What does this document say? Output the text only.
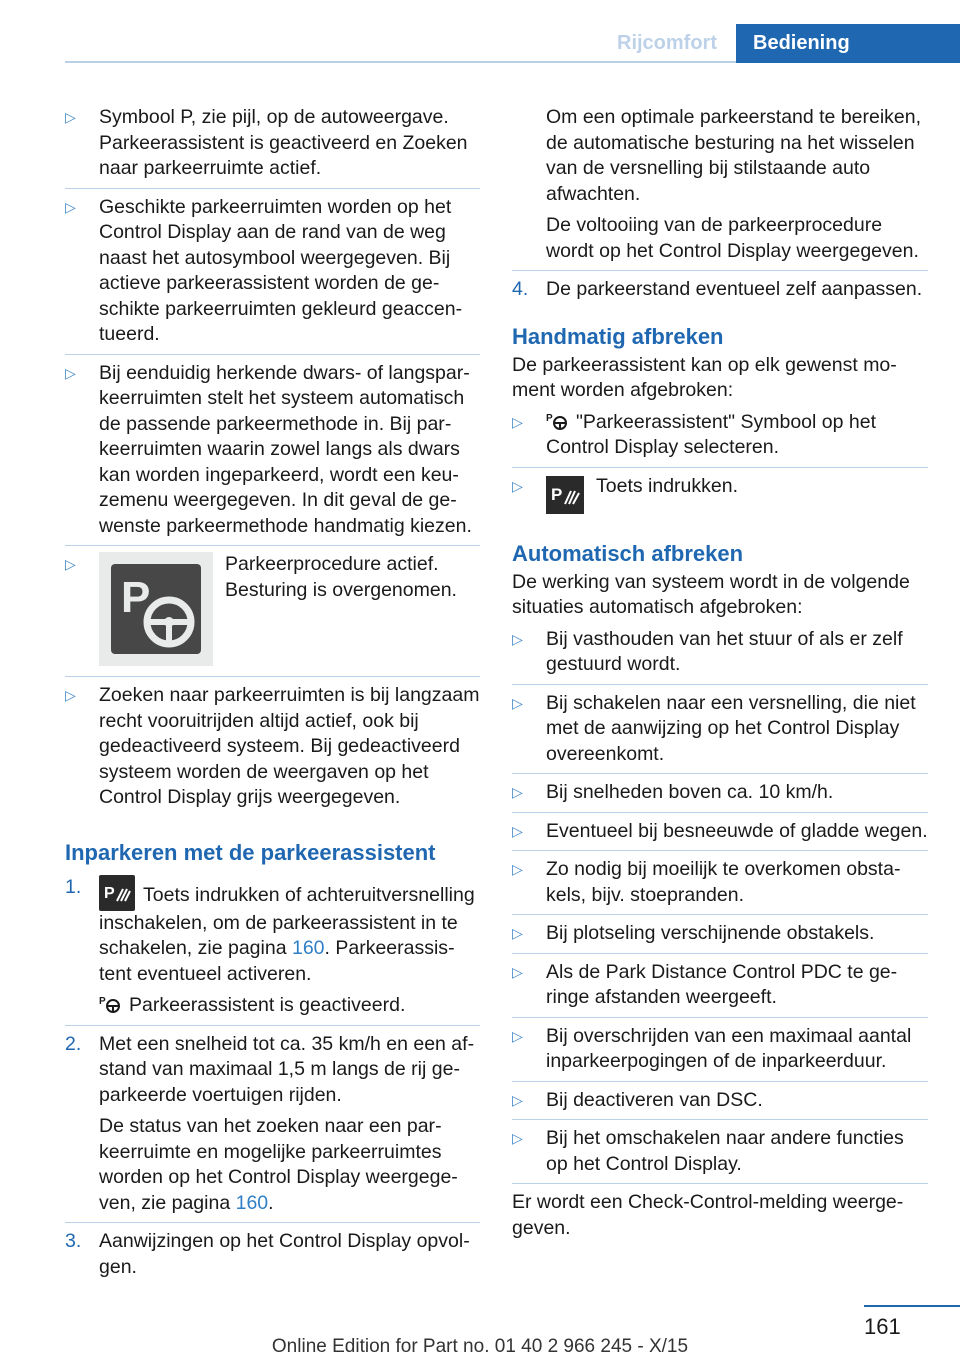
Rijcomfort	Bediening
▷	Symbool P, zie pijl, op de autoweergave. Parkeerassistent is geactiveerd en Zoeken naar parkeerruimte actief.
▷	Geschikte parkeerruimten worden op het Control Display aan de rand van de weg naast het autosymbool weergegeven. Bij actieve parkeerassistent worden de geschikte parkeerruimten gekleurd geaccentueerd.
▷	Bij eenduidig herkende dwars- of langsparkeerruimten stelt het systeem automatisch de passende parkeermethode in. Bij parkeerruimten waarin zowel langs als dwars kan worden ingeparkeerd, wordt een keuzemenu weergegeven. In dit geval de gewenste parkeermethode handmatig kiezen.
▷
P
Parkeerprocedure actief. Besturing is overgenomen.
▷	Zoeken naar parkeerruimten is bij langzaam recht vooruitrijden altijd actief, ook bij gedeactiveerd systeem. Bij gedeactiveerd systeem worden de weergaven op het Control Display grijs weergegeven.
Inparkeren met de parkeerassistent
1. P Toets indrukken of achteruitversnelling inschakelen, om de parkeerassistent in te schakelen, zie pagina 160. Parkeerassistent eventueel activeren.
P Parkeerassistent is geactiveerd.
2. Met een snelheid tot ca. 35 km/h en een afstand van maximaal 1,5 m langs de rij geparkeerde voertuigen rijden.
De status van het zoeken naar een parkeerruimte en mogelijke parkeerruimtes worden op het Control Display weergegeven, zie pagina 160.
3. Aanwijzingen op het Control Display opvolgen.

Om een optimale parkeerstand te bereiken, de automatische besturing na het wisselen van de versnelling bij stilstaande auto afwachten.

De voltooiing van de parkeerprocedure wordt op het Control Display weergegeven.

4. De parkeerstand eventueel zelf aanpassen.
Handmatig afbreken

De parkeerassistent kan op elk gewenst moment worden afgebroken:

▷	P "Parkeerassistent" Symbool op het Control Display selecteren.
▷	P Toets indrukken.
Automatisch afbreken

De werking van systeem wordt in de volgende situaties automatisch afgebroken:

▷	Bij vasthouden van het stuur of als er zelf gestuurd wordt.
▷	Bij schakelen naar een versnelling, die niet met de aanwijzing op het Control Display overeenkomt.
▷	Bij snelheden boven ca. 10 km/h.
▷	Eventueel bij besneeuwde of gladde wegen.
▷	Zo nodig bij moeilijk te overkomen obstakels, bijv. stoepranden.
▷	Bij plotseling verschijnende obstakels.
▷	Als de Park Distance Control PDC te geringe afstanden weergeeft.
▷	Bij overschrijden van een maximaal aantal inparkeerpogingen of de inparkeerduur.
▷	Bij deactiveren van DSC.
▷	Bij het omschakelen naar andere functies op het Control Display.

Er wordt een Check-Control-melding weergegeven.

161
Online Edition for Part no. 01 40 2 966 245 - X/15
